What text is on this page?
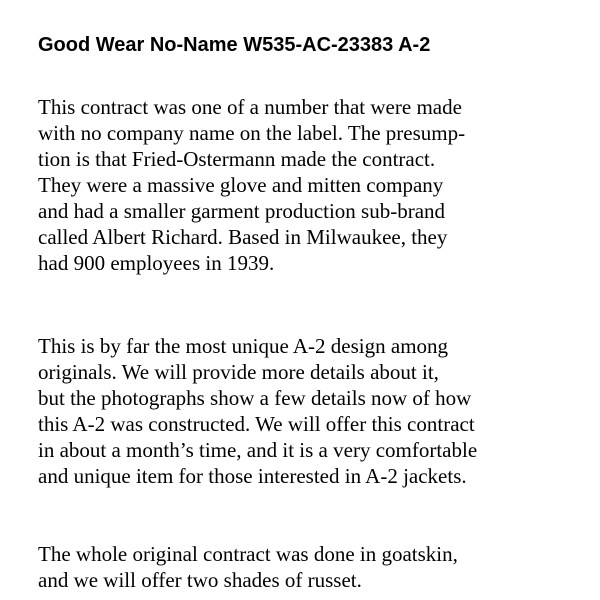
Good Wear No-Name W535-AC-23383 A-2

This contract was one of a number that were made
with no company name on the label. The presump-
tion is that Fried-Ostermann made the contract.
They were a massive glove and mitten company
and had a smaller garment production sub-brand
called Albert Richard. Based in Milwaukee, they
had 900 employees in 1939.

This is by far the most unique A-2 design among
originals. We will provide more details about it,
but the photographs show a few details now of how
this A-2 was constructed. We will offer this contract
in about a month’s time, and it is a very comfortable
and unique item for those interested in A-2 jackets.

The whole original contract was done in goatskin,
and we will offer two shades of russet.
